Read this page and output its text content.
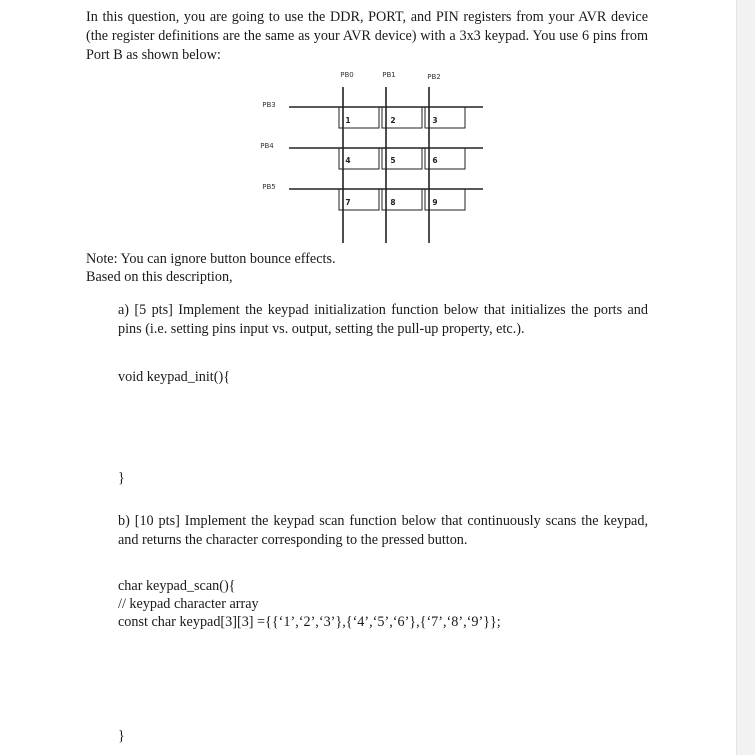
In this question, you are going to use the DDR, PORT, and PIN registers from your AVR device (the register definitions are the same as your AVR device) with a 3x3 keypad. You use 6 pins from Port B as shown below:
PB0	PB1	PB2
PB3
PB4
PB5
1	2	3
4	5	6
7	8	9
Note: You can ignore button bounce effects.
Based on this description,
a) [5 pts] Implement the keypad initialization function below that initializes the ports and pins (i.e. setting pins input vs. output, setting the pull-up property, etc.).
void keypad_init(){
}
b) [10 pts] Implement the keypad scan function below that continuously scans the keypad, and returns the character corresponding to the pressed button.
char keypad_scan(){
// keypad character array
const char keypad[3][3] ={{‘1’,‘2’,‘3’},{‘4’,‘5’,‘6’},{‘7’,‘8’,‘9’}};
}
